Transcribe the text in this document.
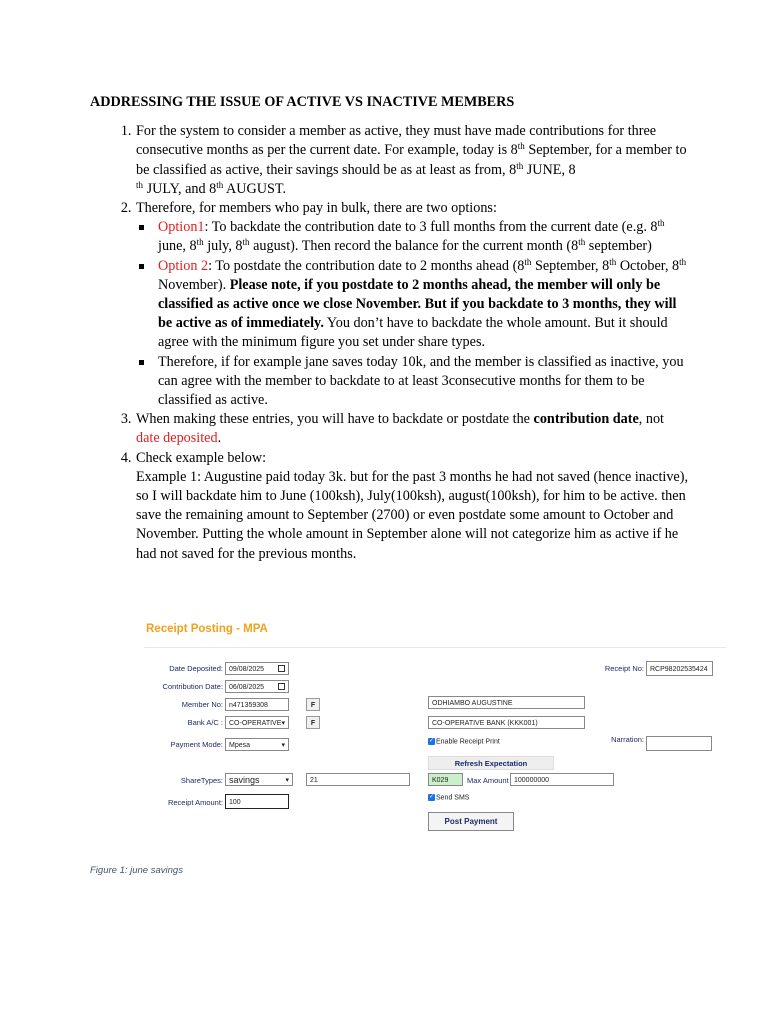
ADDRESSING THE ISSUE OF ACTIVE VS INACTIVE MEMBERS
1. For the system to consider a member as active, they must have made contributions for three consecutive months as per the current date. For example, today is 8th September, for a member to be classified as active, their savings should be as at least as from, 8th JUNE, 8
$^{th}$ JULY, and 8th AUGUST.
2. Therefore, for members who pay in bulk, there are two options:
Option1: To backdate the contribution date to 3 full months from the current date (e.g. 8th june, 8th july, 8th august). Then record the balance for the current month (8th september)
Option 2: To postdate the contribution date to 2 months ahead (8th September, 8th October, 8th November). Please note, if you postdate to 2 months ahead, the member will only be classified as active once we close November. But if you backdate to 3 months, they will be active as of immediately. You don’t have to backdate the whole amount. But it should agree with the minimum figure you set under share types.
Therefore, if for example jane saves today 10k, and the member is classified as inactive, you can agree with the member to backdate to at least 3consecutive months for them to be classified as active.
3. When making these entries, you will have to backdate or postdate the contribution date, not date deposited.
4. Check example below:
Example 1: Augustine paid today 3k. but for the past 3 months he had not saved (hence inactive), so I will backdate him to June (100ksh), July(100ksh), august(100ksh), for him to be active. then save the remaining amount to September (2700) or even postdate some amount to October and November. Putting the whole amount in September alone will not categorize him as active if he had not saved for the previous months.
Receipt Posting - MPA
Date Deposited: 09/08/2025
Contribution Date: 06/08/2025
Member No: n471359308	F
Bank A/C : CO-OPERATIVE ▾	F
Payment Mode: Mpesa	▾
ShareTypes: savings	▾	21
Receipt Amount: 100
ODHIAMBO AUGUSTINE
CO-OPERATIVE BANK (KKK001)
✓ Enable Receipt Print
Refresh Expectation
K029	Max Amount 100000000
✓ Send SMS
Post Payment
Receipt No: RCP98202535424
Narration:
Figure 1: june savings
